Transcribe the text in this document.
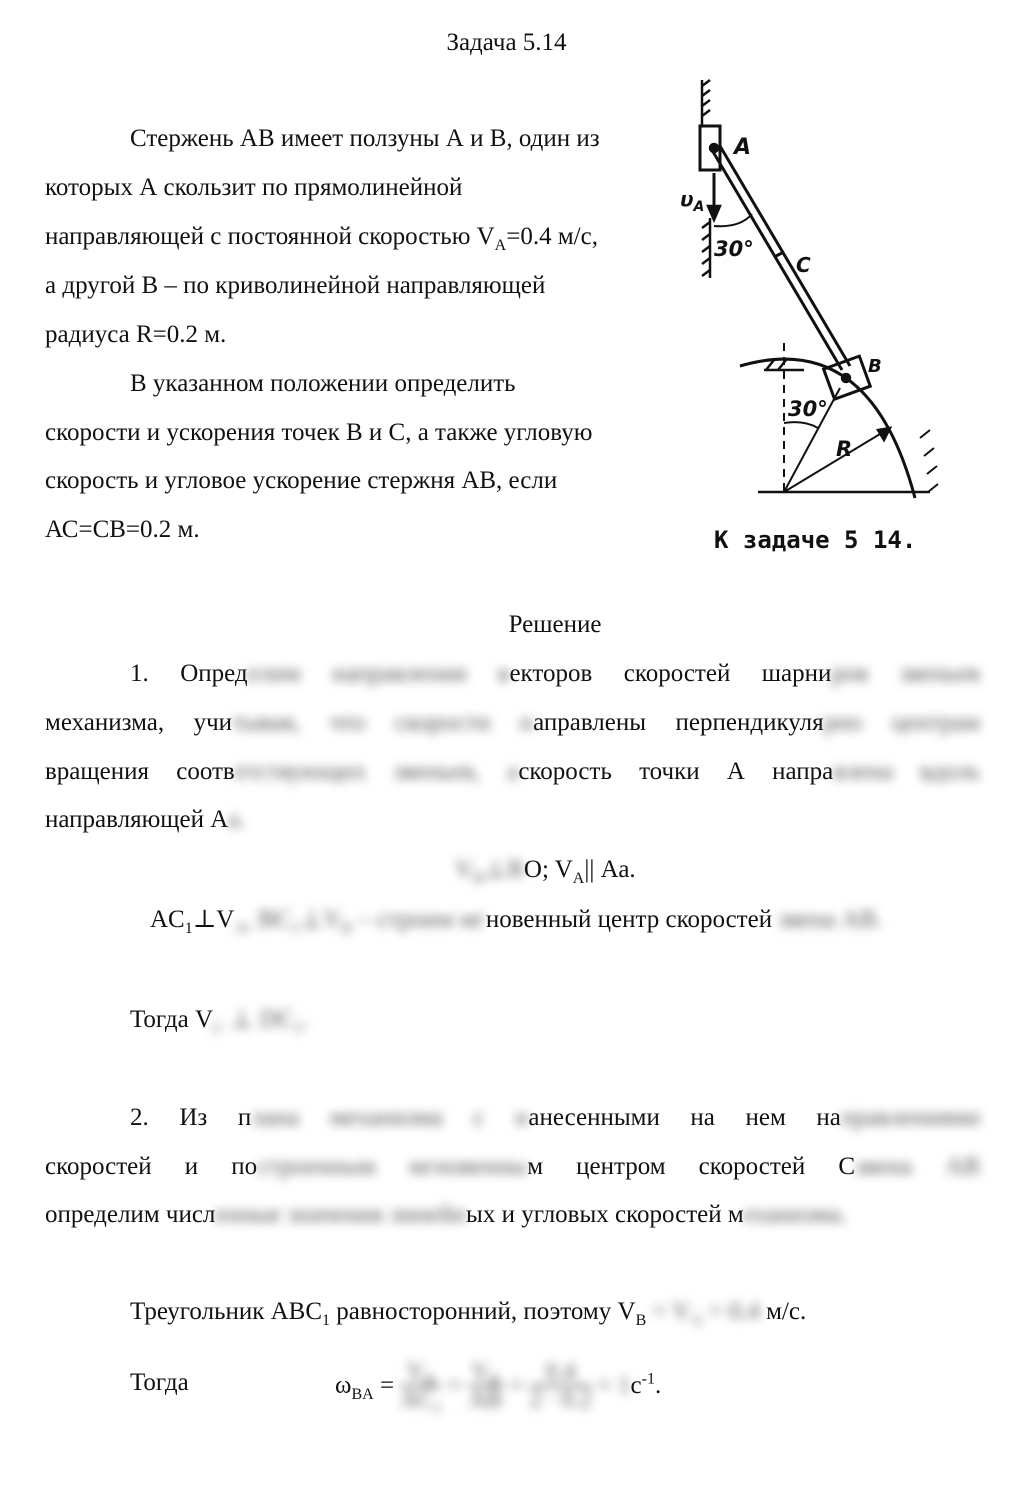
Задача 5.14
Стержень АВ имеет ползуны А и В, один из
которых А скользит по прямолинейной
направляющей с постоянной скоростью $V_A=0.4$ м/с,
а другой В – по криволинейной направляющей
радиуса R=0.2 м.
В указанном положении определить
скорости и ускорения точек В и С, а также угловую
скорость и угловое ускорение стержня АВ, если
АС=СВ=0.2 м.
A
$\upsilon_A$
30°
C
B
30°
R
К задаче 5 14.
Решение
1. Определим направления векторов скоростей шарниров звеньев
механизма, учитывая, что скорости направлены перпендикулярно центрам
вращения соответствующих звеньев, аскорость точки А направлена вдоль
направляющей Аа.
$V_B\perp BO$; $V_A||$ Аа.
$AC_1\perp V_A$, $BC_1\perp V_B$ – строим мгновенный центр скоростей звена АВ.
Тогда $V_C$ ⊥ $DC_1$.
2. Из плана механизма с нанесенными на нем направлениями
скоростей и построенным мгновенным центром скоростей Сзвена АВ
определим численные значения линейных и угловых скоростей механизма.
Треугольник $АВС_1$ равносторонний, поэтому $V_B = V_A = 0.4$ м/с.
Тогда	$\omega_{BA} = \frac{V_B}{AC_1} = \frac{V_B}{AB} = \frac{0.4}{2 \cdot 0.2} = 1$ $с^{-1}$.
